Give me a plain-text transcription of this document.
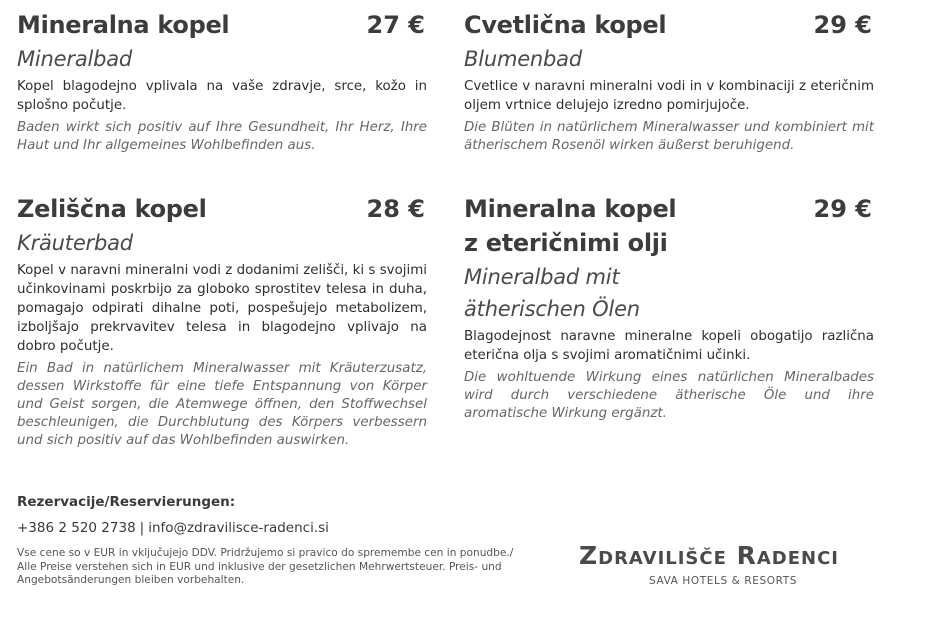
Mineralna kopel	27 €
Mineralbad
Kopel blagodejno vplivala na vaše zdravje, srce, kožo in splošno počutje.
Baden wirkt sich positiv auf Ihre Gesundheit, Ihr Herz, Ihre Haut und Ihr allgemeines Wohlbefinden aus.
Cvetlična kopel	29 €
Blumenbad
Cvetlice v naravni mineralni vodi in v kombinaciji z eteričnim oljem vrtnice delujejo izredno pomirjujoče.
Die Blüten in natürlichem Mineralwasser und kombiniert mit ätherischem Rosenöl wirken äußerst beruhigend.
Zeliščna kopel	28 €
Kräuterbad
Kopel v naravni mineralni vodi z dodanimi zelišči, ki s svojimi učinkovinami poskrbijo za globoko sprostitev telesa in duha, pomagajo odpirati dihalne poti, pospešujejo metabolizem, izboljšajo prekrvavitev telesa in blagodejno vplivajo na dobro počutje.
Ein Bad in natürlichem Mineralwasser mit Kräuterzusatz, dessen Wirkstoffe für eine tiefe Entspannung von Körper und Geist sorgen, die Atemwege öffnen, den Stoffwechsel beschleunigen, die Durchblutung des Körpers verbessern und sich positiv auf das Wohlbefinden auswirken.
Mineralna kopel
z eteričnimi olji
29 €
Mineralbad mit
ätherischen Ölen
Blagodejnost naravne mineralne kopeli obogatijo različna eterična olja s svojimi aromatičnimi učinki.
Die wohltuende Wirkung eines natürlichen Mineralbades wird durch verschiedene ätherische Öle und ihre aromatische Wirkung ergänzt.
Rezervacije/Reservierungen:
+386 2 520 2738 | info@zdravilisce-radenci.si
Vse cene so v EUR in vključujejo DDV. Pridržujemo si pravico do spremembe cen in ponudbe./
Alle Preise verstehen sich in EUR und inklusive der gesetzlichen Mehrwertsteuer. Preis- und
Angebotsänderungen bleiben vorbehalten.
Zdravilišče Radenci
SAVA HOTELS & RESORTS
